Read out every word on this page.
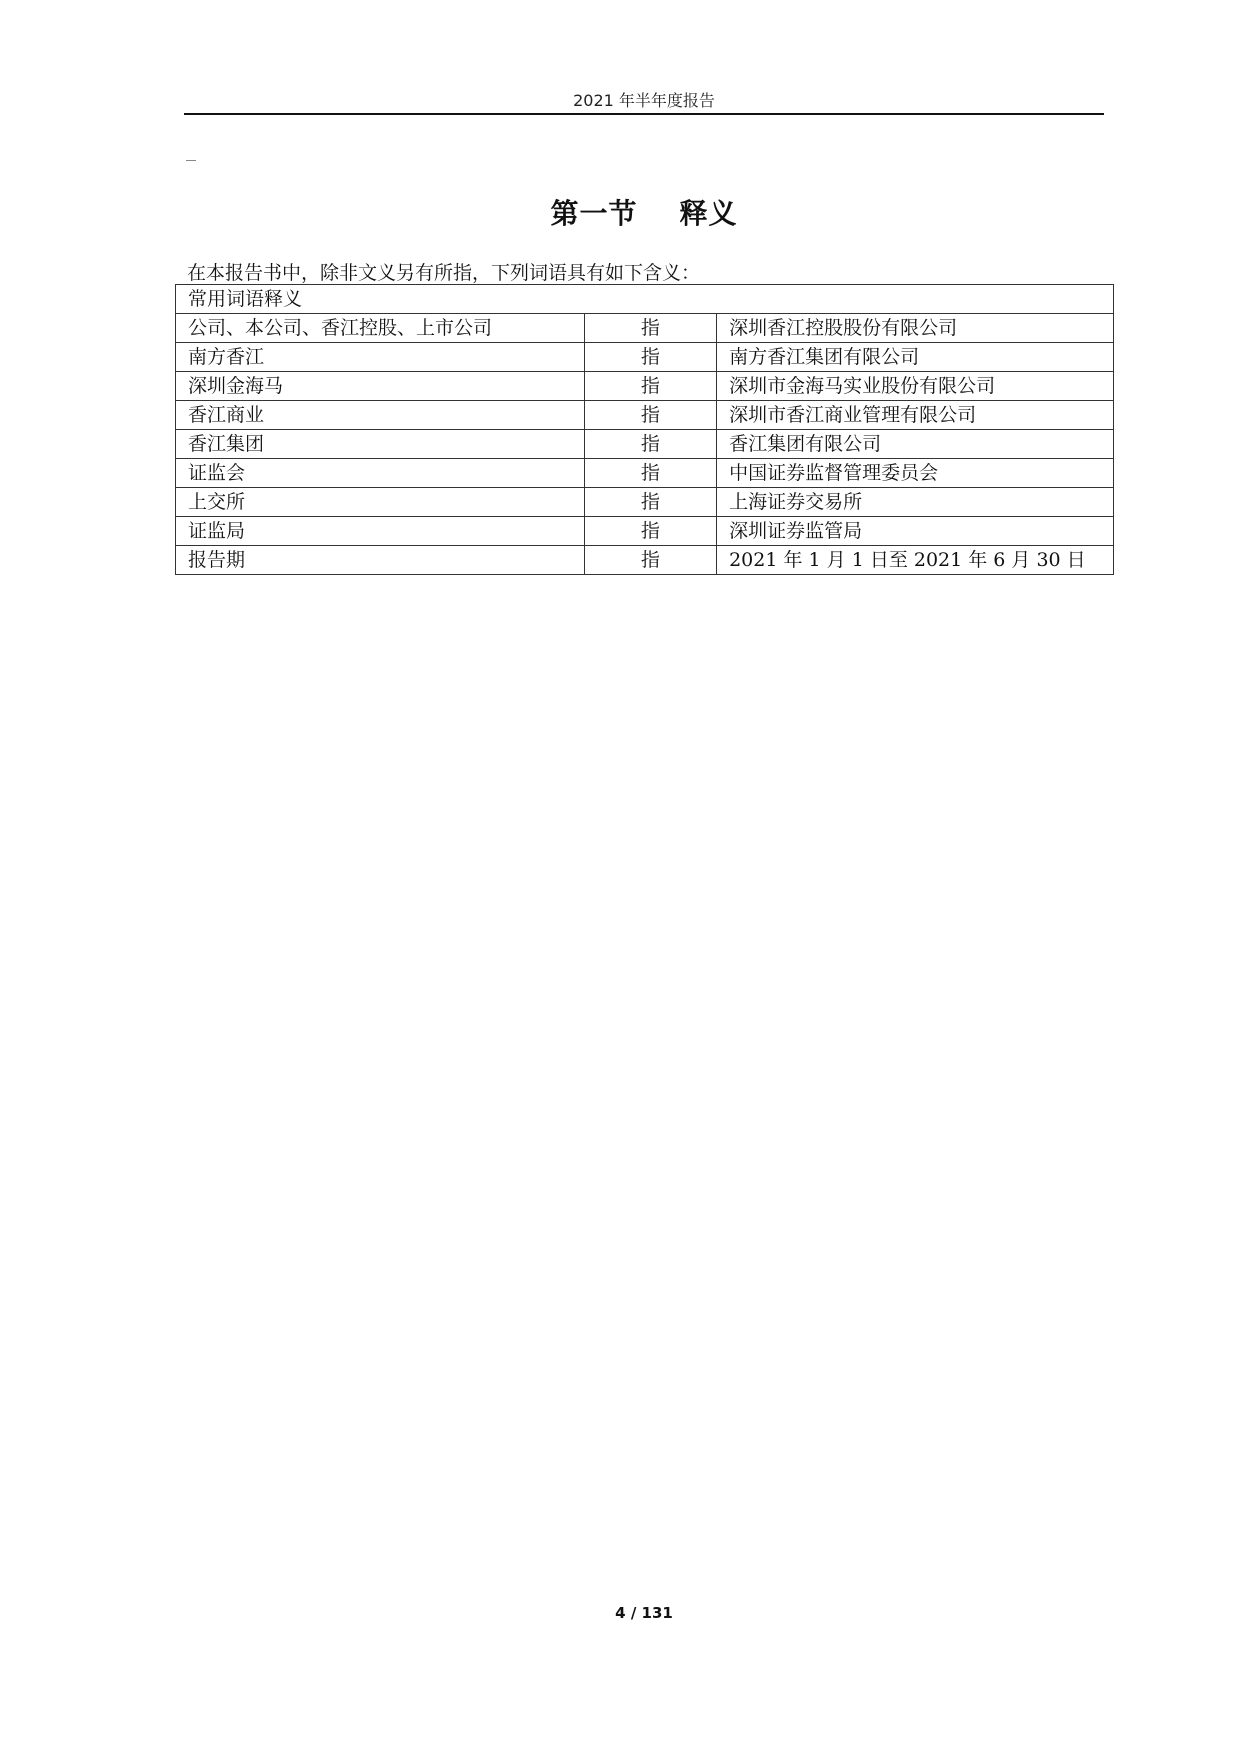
2021 年半年度报告
第一节 释义

在本报告书中，除非文义另有所指，下列词语具有如下含义：

常用词语释义		
公司、本公司、香江控股、上市公司	指	深圳香江控股股份有限公司
南方香江	指	南方香江集团有限公司
深圳金海马	指	深圳市金海马实业股份有限公司
香江商业	指	深圳市香江商业管理有限公司
香江集团	指	香江集团有限公司
证监会	指	中国证券监督管理委员会
上交所	指	上海证券交易所
证监局	指	深圳证券监管局
报告期	指	2021 年 1 月 1 日至 2021 年 6 月 30 日
4 / 131
